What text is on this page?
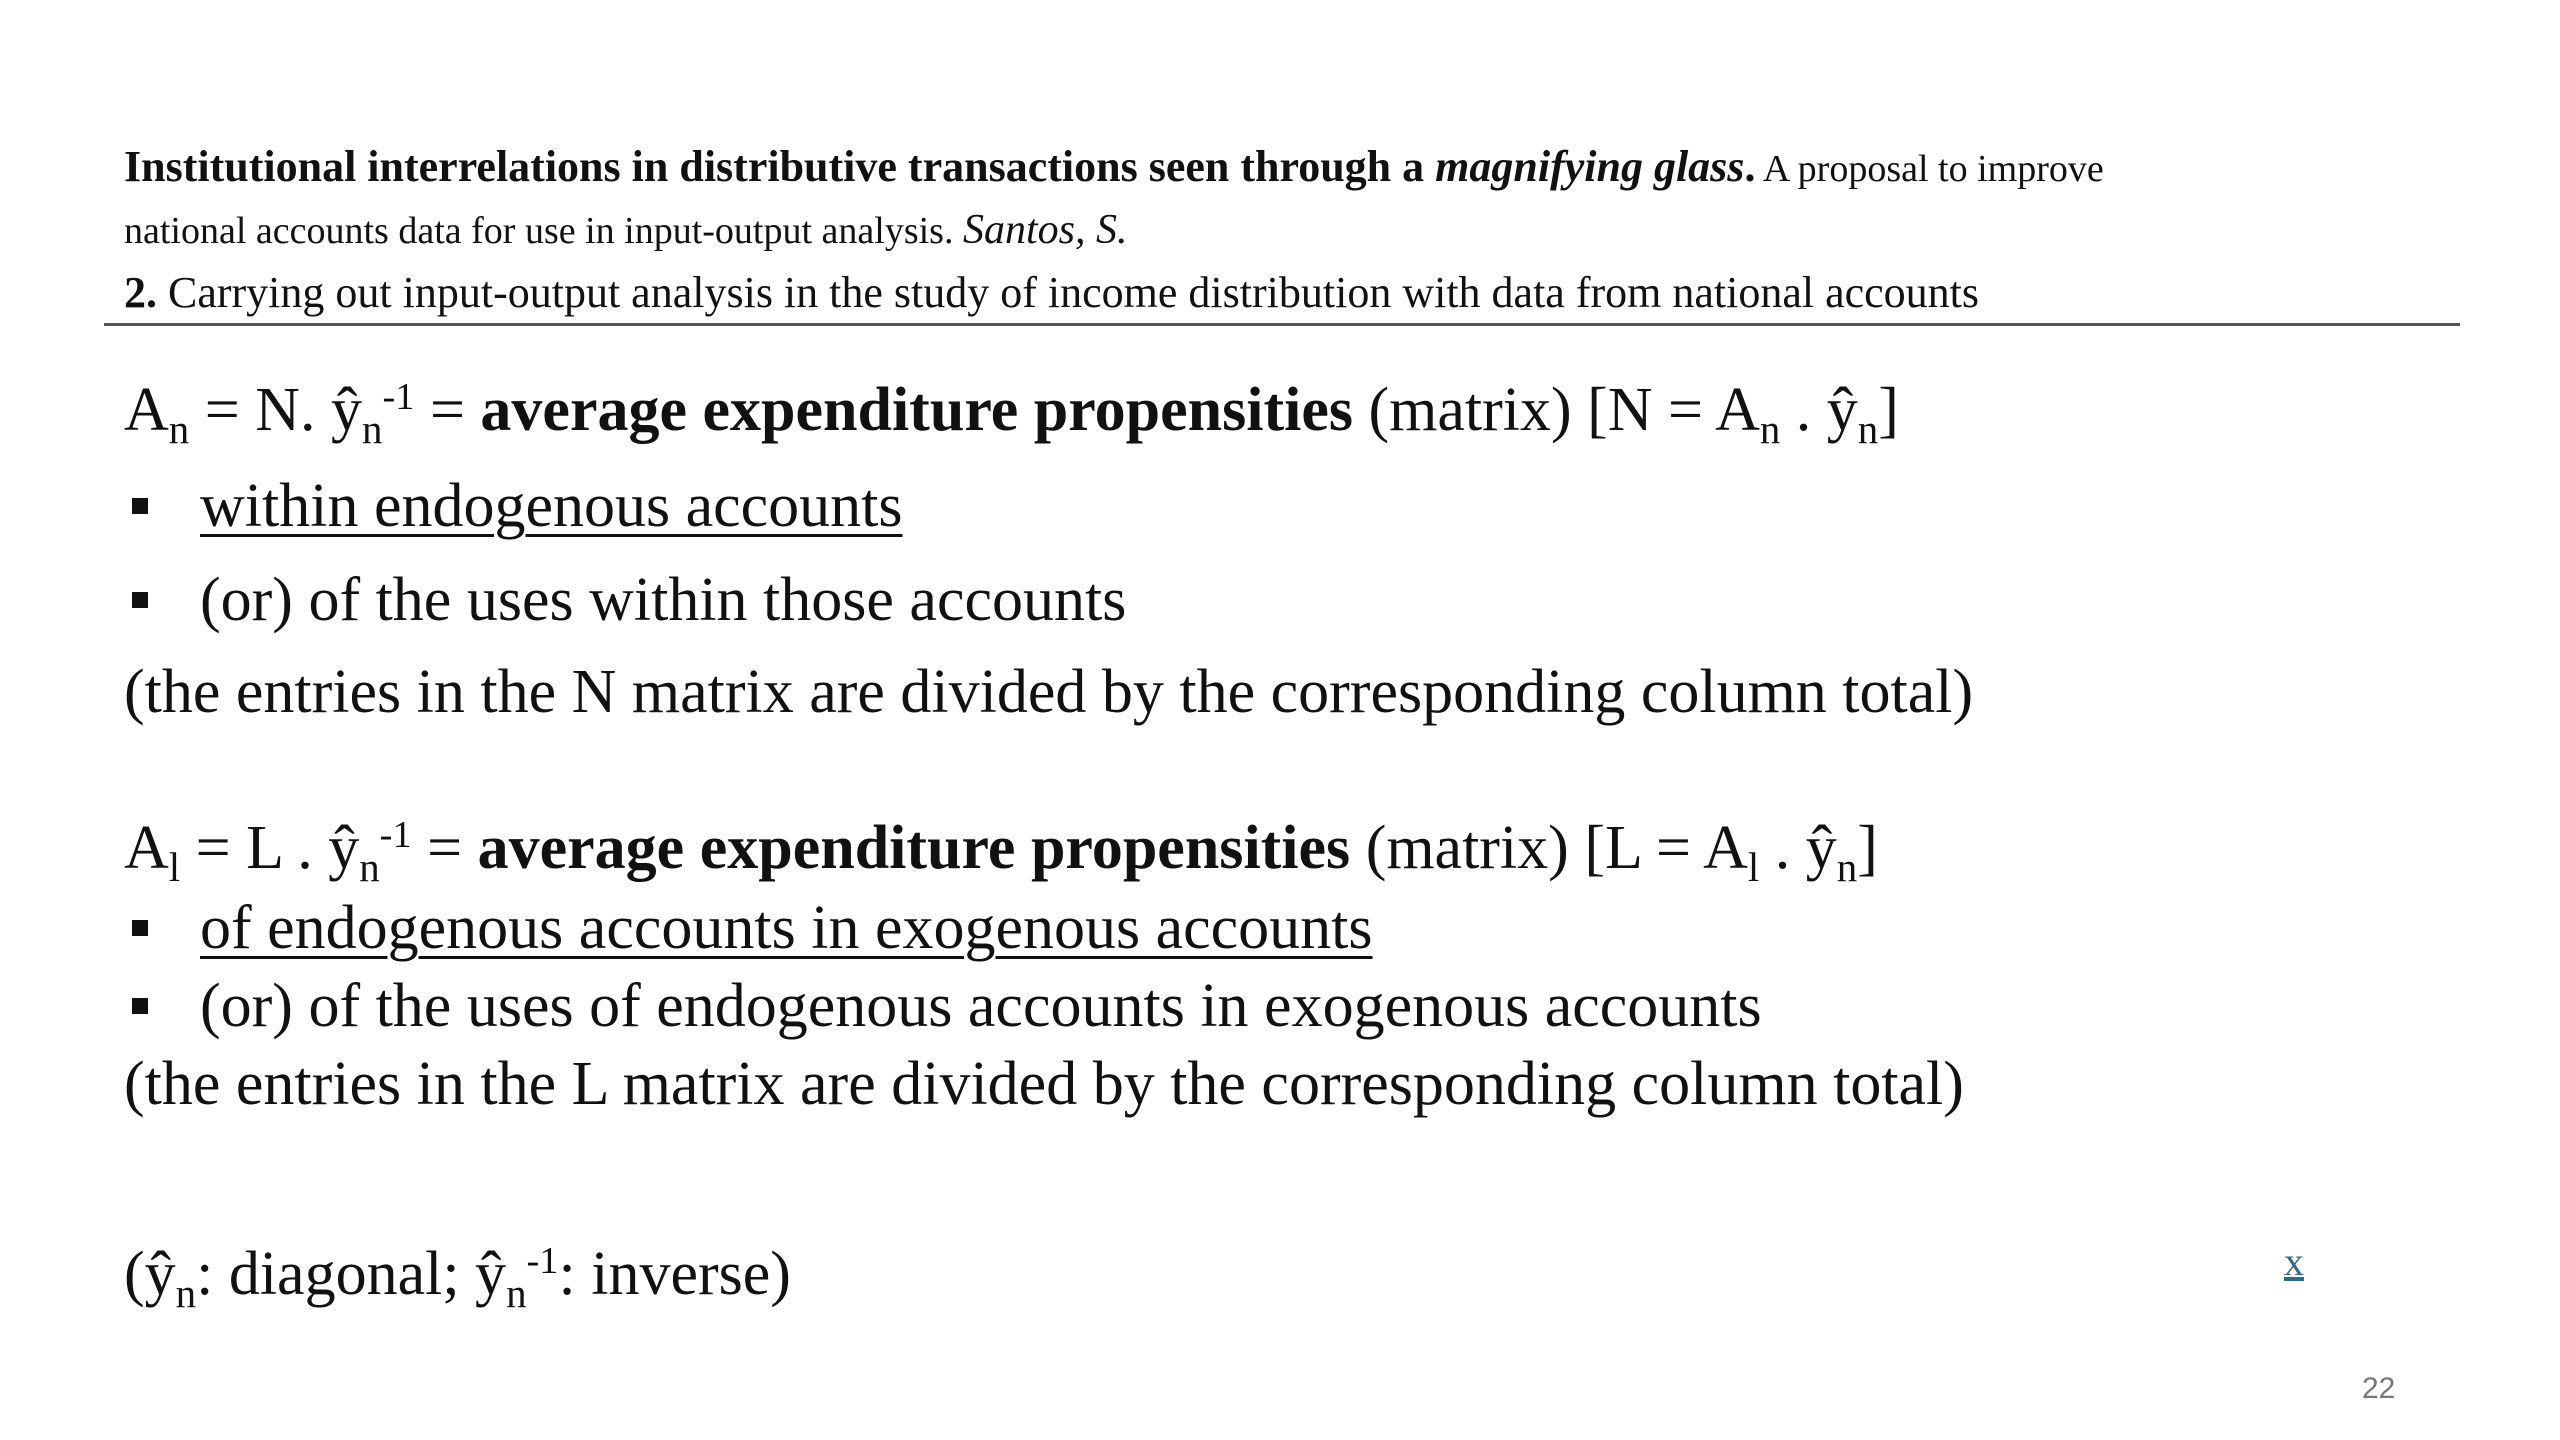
Institutional interrelations in distributive transactions seen through a magnifying glass. A proposal to improve
national accounts data for use in input-output analysis. Santos, S.
2. Carrying out input-output analysis in the study of income distribution with data from national accounts
$A_n = N$. $ŷ_n^{-1}$ = average expenditure propensities (matrix) [$N = A_n$ . $ŷ_n$]
within endogenous accounts
(or) of the uses within those accounts
(the entries in the N matrix are divided by the corresponding column total)
$A_l = L$ . $ŷ_n^{-1}$ = average expenditure propensities (matrix) [$L = A_l$ . $ŷ_n$]
of endogenous accounts in exogenous accounts
(or) of the uses of endogenous accounts in exogenous accounts
(the entries in the L matrix are divided by the corresponding column total)
($ŷ_n$: diagonal; $ŷ_n^{-1}$: inverse)	x
22
